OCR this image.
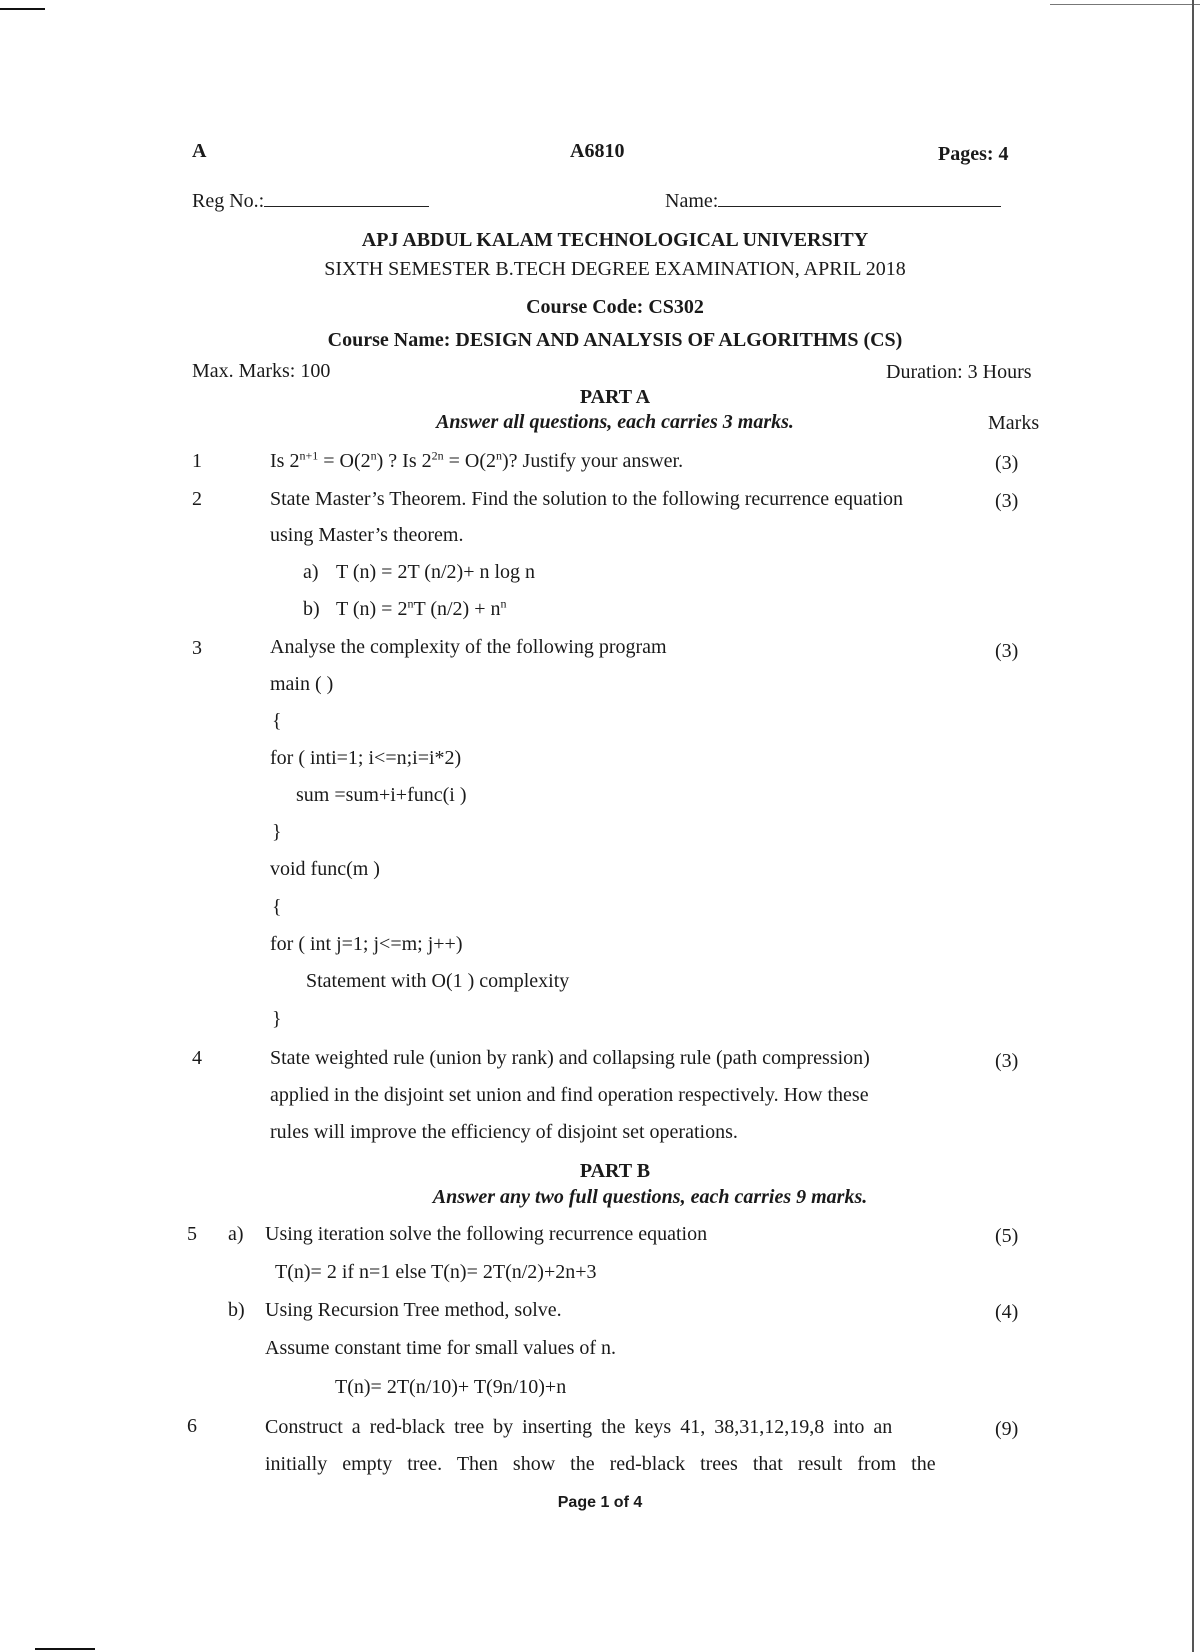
A	A6810	Pages: 4
Reg No.:	Name:
APJ ABDUL KALAM TECHNOLOGICAL UNIVERSITY
SIXTH SEMESTER B.TECH DEGREE EXAMINATION, APRIL 2018
Course Code: CS302
Course Name: DESIGN AND ANALYSIS OF ALGORITHMS (CS)
Max. Marks: 100	Duration: 3 Hours
PART A
Answer all questions, each carries 3 marks.	Marks
1	Is $2^{n+1} = O(2^n)$ ? Is $2^{2n} = O(2^n)$? Justify your answer.	(3)
2	State Master’s Theorem. Find the solution to the following recurrence equation	(3)
using Master’s theorem.
a) T (n) = 2T (n/2)+ n log n
b) T $(n) = 2^nT$ $(n/2) + n^n$
3	Analyse the complexity of the following program	(3)
main ( )
{
for ( inti=1; i<=n;i=i*2)
sum =sum+i+func(i )
}
void func(m )
{
for ( int j=1; j<=m; j++)
Statement with O(1 ) complexity
}
4	State weighted rule (union by rank) and collapsing rule (path compression)	(3)
applied in the disjoint set union and find operation respectively. How these
rules will improve the efficiency of disjoint set operations.
PART B
Answer any two full questions, each carries 9 marks.
5 a) Using iteration solve the following recurrence equation	(5)
T(n)= 2 if n=1 else T(n)= 2T(n/2)+2n+3
b) Using Recursion Tree method, solve.	(4)
Assume constant time for small values of n.
T(n)= 2T(n/10)+ T(9n/10)+n
6	Construct a red-black tree by inserting the keys 41, 38,31,12,19,8 into an	(9)
initially empty tree. Then show the red-black trees that result from the
Page 1 of 4
